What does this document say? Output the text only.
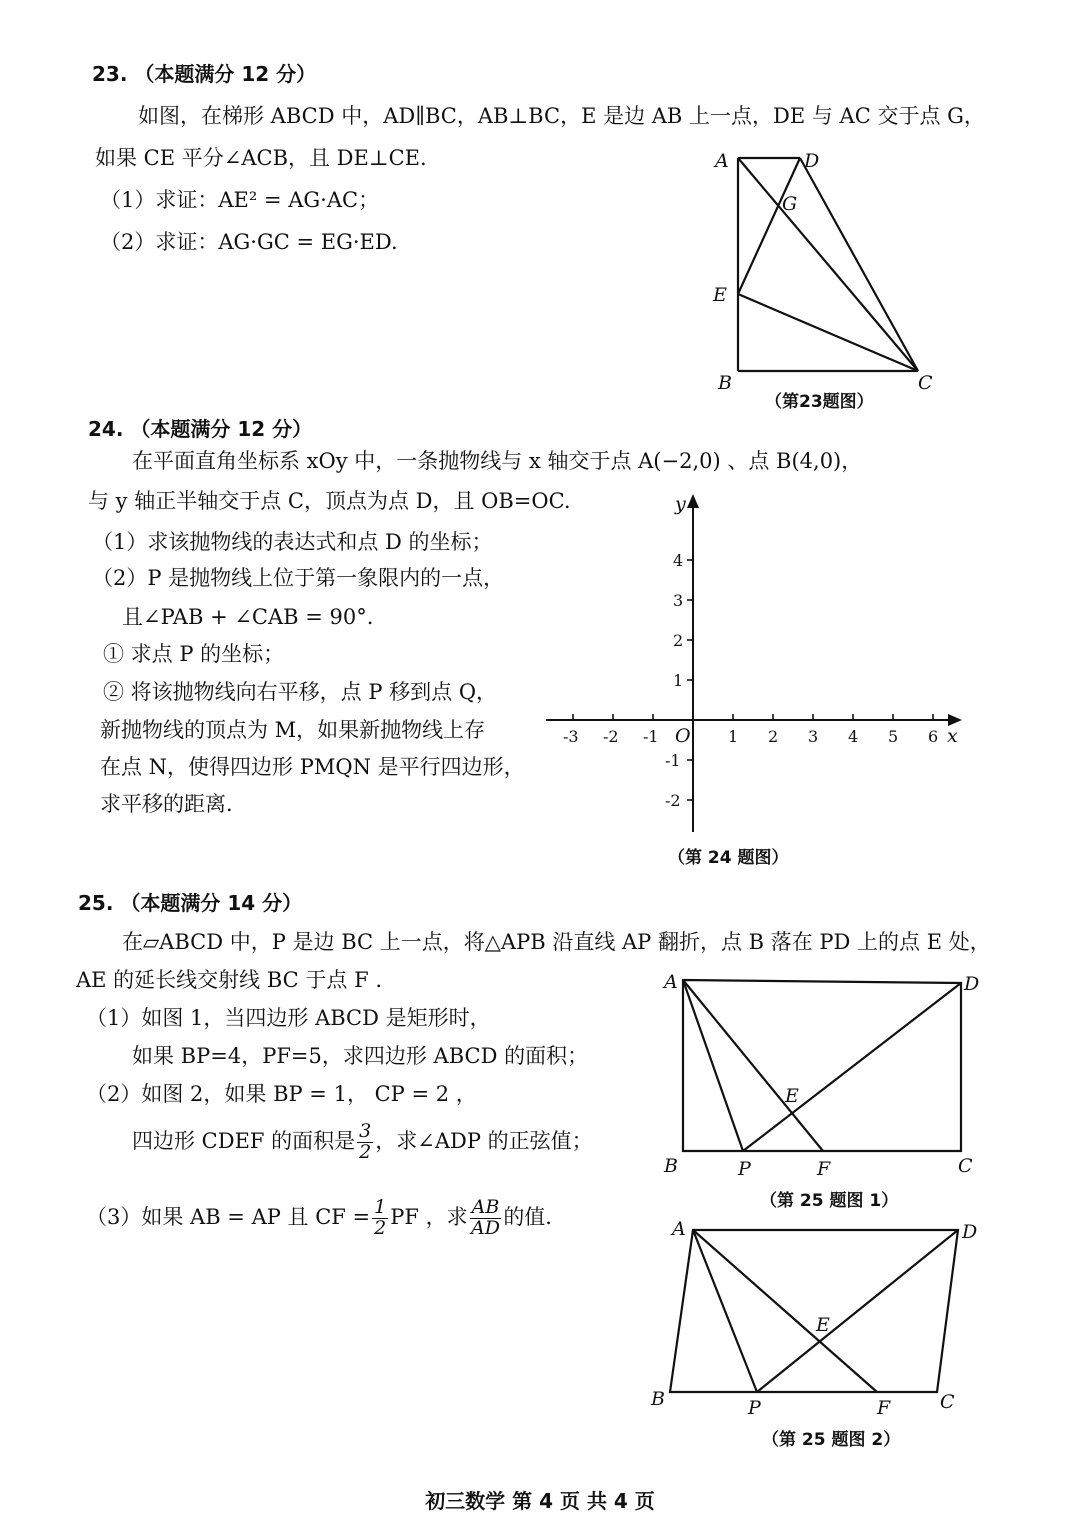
23. （本题满分 12 分）
如图，在梯形 ABCD 中，AD∥BC，AB⊥BC，E 是边 AB 上一点，DE 与 AC 交于点 G，
如果 CE 平分∠ACB，且 DE⊥CE.
（1）求证：AE² = AG·AC；
（2）求证：AG·GC = EG·ED.
A	D
G
E
B	C
（第23题图）
24. （本题满分 12 分）
在平面直角坐标系 xOy 中，一条抛物线与 x 轴交于点 A(−2,0) 、点 B(4,0)，
与 y 轴正半轴交于点 C，顶点为点 D，且 OB=OC.
（1）求该抛物线的表达式和点 D 的坐标；
（2）P 是抛物线上位于第一象限内的一点，
且∠PAB + ∠CAB = 90°.
① 求点 P 的坐标；
② 将该抛物线向右平移，点 P 移到点 Q，
新抛物线的顶点为 M，如果新抛物线上存
在点 N，使得四边形 PMQN 是平行四边形，
求平移的距离.
y
x
O
-3 -2 -1	1 2 3 4 5 6
4
3
2
1
-1
-2
（第 24 题图）
25. （本题满分 14 分）
在▱ABCD 中，P 是边 BC 上一点，将△APB 沿直线 AP 翻折，点 B 落在 PD 上的点 E 处，
AE 的延长线交射线 BC 于点 F .
（1）如图 1，当四边形 ABCD 是矩形时，
如果 BP=4，PF=5，求四边形 ABCD 的面积；
（2）如图 2，如果 BP = 1， CP = 2 ，
四边形 CDEF 的面积是 $\frac{3}{2}$ ，求∠ADP 的正弦值；
（3）如果 AB = AP 且 CF = $\frac{1}{2}$ PF ，求 $\frac{AB}{AD}$ 的值.
A	D
E
B	P	F	C
（第 25 题图 1）
A	D
E
B	P	F	C
（第 25 题图 2）
初三数学 第 4 页 共 4 页
